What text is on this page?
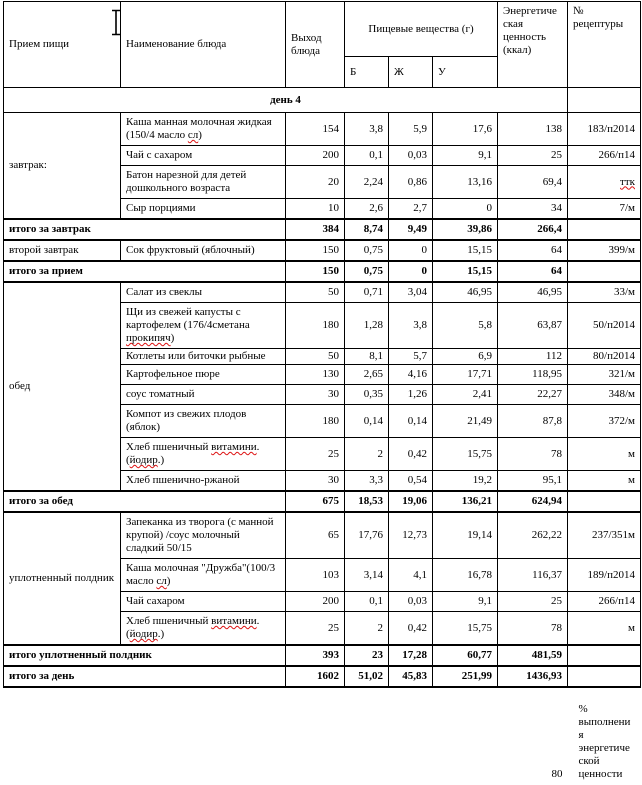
Прием пищи	Наименование блюда	Выход блюда	Пищевые вещества (г)			Энергетическая ценность (ккал)	№ рецептуры
			Б	Ж	У		
день 4							
завтрак:	Каша манная молочная жидкая (150/4 масло сл)	154	3,8	5,9	17,6	138	183/п2014
	Чай с сахаром	200	0,1	0,03	9,1	25	266/п14
	Батон нарезной для детей дошкольного возраста	20	2,24	0,86	13,16	69,4	ттк
	Сыр порциями	10	2,6	2,7	0	34	7/м
итого за завтрак		384	8,74	9,49	39,86	266,4	
второй завтрак	Сок фруктовый (яблочный)	150	0,75	0	15,15	64	399/м
итого за прием		150	0,75	0	15,15	64	
обед	Салат из свеклы	50	0,71	3,04	46,95	46,95	33/м
	Щи из свежей капусты с картофелем (176/4сметана прокипяч)	180	1,28	3,8	5,8	63,87	50/п2014
	Котлеты или биточки рыбные	50	8,1	5,7	6,9	112	80/п2014
	Картофельное пюре	130	2,65	4,16	17,71	118,95	321/м
	соус томатный	30	0,35	1,26	2,41	22,27	348/м
	Компот из свежих плодов (яблок)	180	0,14	0,14	21,49	87,8	372/м
	Хлеб пшеничный витамини. (йодир.)	25	2	0,42	15,75	78	м
	Хлеб пшенично-ржаной	30	3,3	0,54	19,2	95,1	м
итого за обед		675	18,53	19,06	136,21	624,94	
уплотненный полдник	Запеканка из творога (с манной крупой) /соус молочный сладкий 50/15	65	17,76	12,73	19,14	262,22	237/351м
	Каша молочная "Дружба"(100/3 масло сл)	103	3,14	4,1	16,78	116,37	189/п2014
	Чай сахаром	200	0,1	0,03	9,1	25	266/п14
	Хлеб пшеничный витамини. (йодир.)	25	2	0,42	15,75	78	м
итого уплотненный полдник		393	23	17,28	60,77	481,59	
итого за день		1602	51,02	45,83	251,99	1436,93	
80
%
выполнени
я
энергетиче
ской
ценности
